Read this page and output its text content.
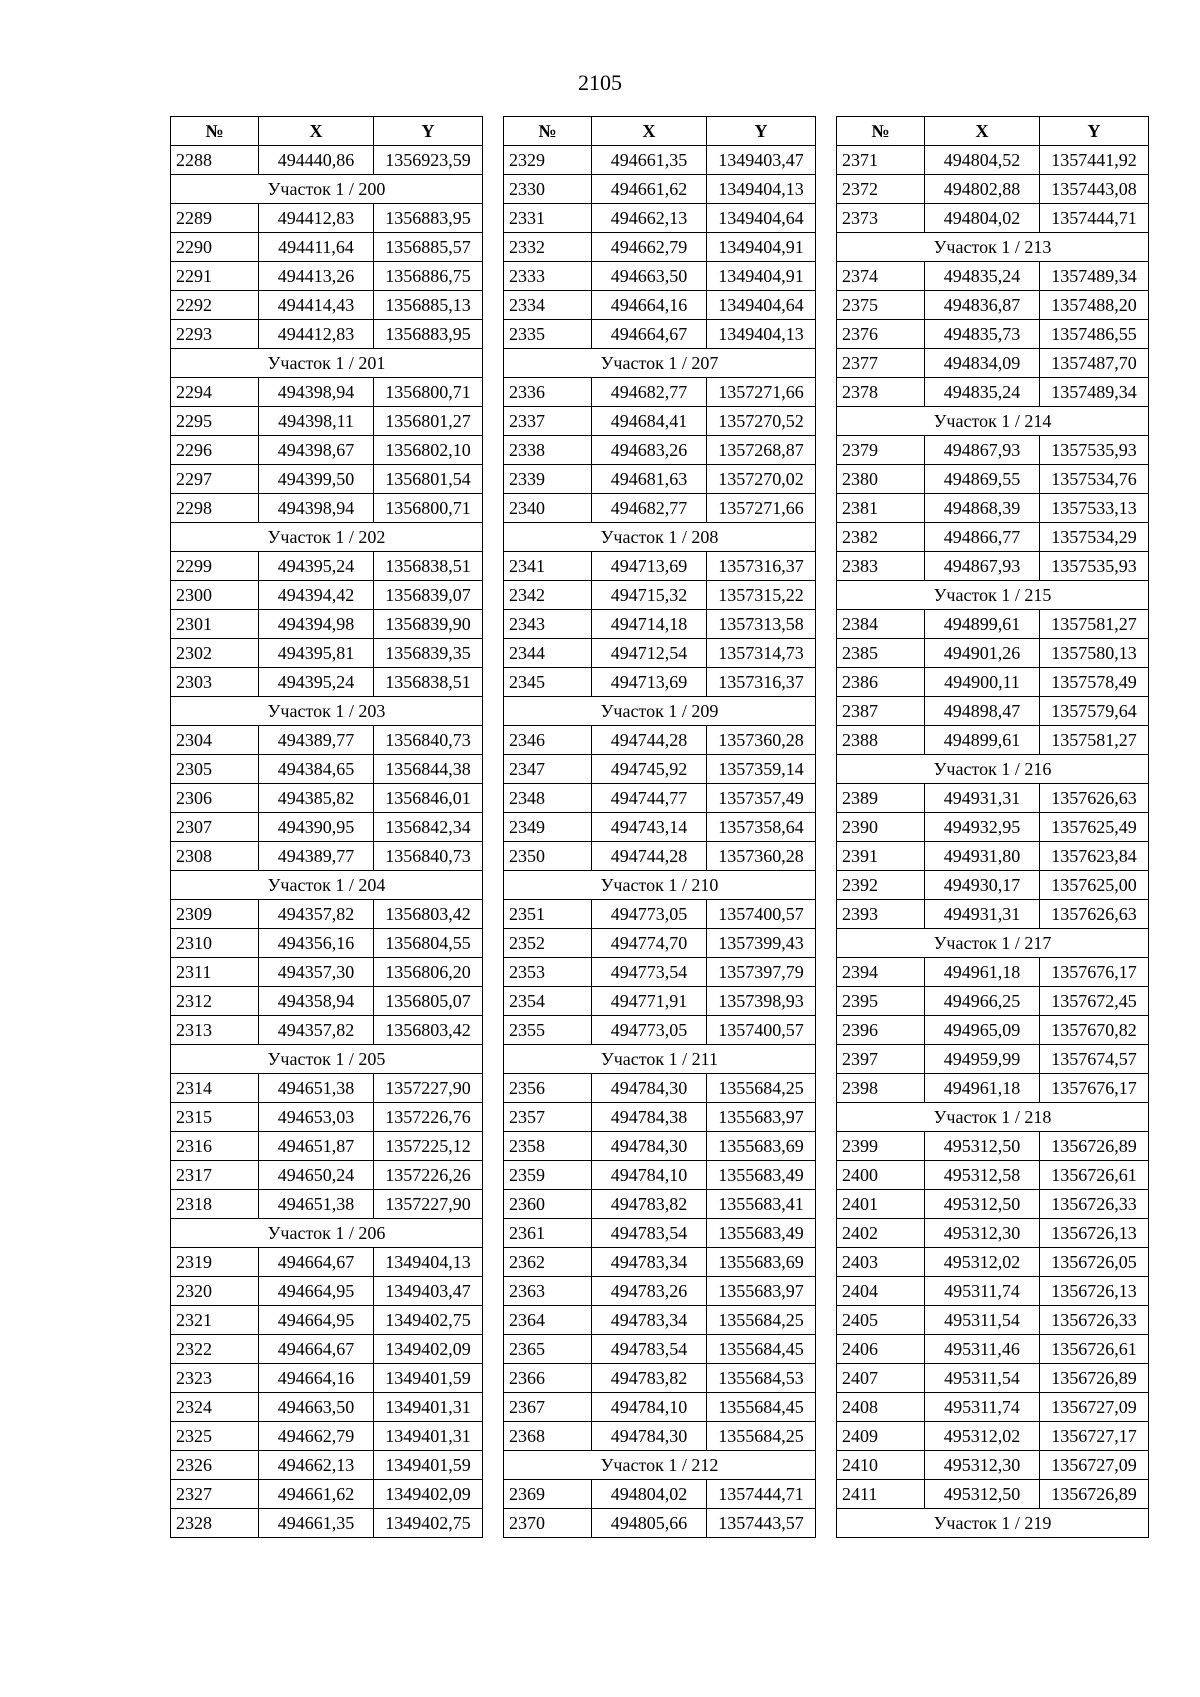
2105
№	X	Y
2288	494440,86	1356923,59
Участок 1 / 200		
2289	494412,83	1356883,95
2290	494411,64	1356885,57
2291	494413,26	1356886,75
2292	494414,43	1356885,13
2293	494412,83	1356883,95
Участок 1 / 201		
2294	494398,94	1356800,71
2295	494398,11	1356801,27
2296	494398,67	1356802,10
2297	494399,50	1356801,54
2298	494398,94	1356800,71
Участок 1 / 202		
2299	494395,24	1356838,51
2300	494394,42	1356839,07
2301	494394,98	1356839,90
2302	494395,81	1356839,35
2303	494395,24	1356838,51
Участок 1 / 203		
2304	494389,77	1356840,73
2305	494384,65	1356844,38
2306	494385,82	1356846,01
2307	494390,95	1356842,34
2308	494389,77	1356840,73
Участок 1 / 204		
2309	494357,82	1356803,42
2310	494356,16	1356804,55
2311	494357,30	1356806,20
2312	494358,94	1356805,07
2313	494357,82	1356803,42
Участок 1 / 205		
2314	494651,38	1357227,90
2315	494653,03	1357226,76
2316	494651,87	1357225,12
2317	494650,24	1357226,26
2318	494651,38	1357227,90
Участок 1 / 206		
2319	494664,67	1349404,13
2320	494664,95	1349403,47
2321	494664,95	1349402,75
2322	494664,67	1349402,09
2323	494664,16	1349401,59
2324	494663,50	1349401,31
2325	494662,79	1349401,31
2326	494662,13	1349401,59
2327	494661,62	1349402,09
2328	494661,35	1349402,75
№	X	Y
2329	494661,35	1349403,47
2330	494661,62	1349404,13
2331	494662,13	1349404,64
2332	494662,79	1349404,91
2333	494663,50	1349404,91
2334	494664,16	1349404,64
2335	494664,67	1349404,13
Участок 1 / 207		
2336	494682,77	1357271,66
2337	494684,41	1357270,52
2338	494683,26	1357268,87
2339	494681,63	1357270,02
2340	494682,77	1357271,66
Участок 1 / 208		
2341	494713,69	1357316,37
2342	494715,32	1357315,22
2343	494714,18	1357313,58
2344	494712,54	1357314,73
2345	494713,69	1357316,37
Участок 1 / 209		
2346	494744,28	1357360,28
2347	494745,92	1357359,14
2348	494744,77	1357357,49
2349	494743,14	1357358,64
2350	494744,28	1357360,28
Участок 1 / 210		
2351	494773,05	1357400,57
2352	494774,70	1357399,43
2353	494773,54	1357397,79
2354	494771,91	1357398,93
2355	494773,05	1357400,57
Участок 1 / 211		
2356	494784,30	1355684,25
2357	494784,38	1355683,97
2358	494784,30	1355683,69
2359	494784,10	1355683,49
2360	494783,82	1355683,41
2361	494783,54	1355683,49
2362	494783,34	1355683,69
2363	494783,26	1355683,97
2364	494783,34	1355684,25
2365	494783,54	1355684,45
2366	494783,82	1355684,53
2367	494784,10	1355684,45
2368	494784,30	1355684,25
Участок 1 / 212		
2369	494804,02	1357444,71
2370	494805,66	1357443,57
№	X	Y
2371	494804,52	1357441,92
2372	494802,88	1357443,08
2373	494804,02	1357444,71
Участок 1 / 213		
2374	494835,24	1357489,34
2375	494836,87	1357488,20
2376	494835,73	1357486,55
2377	494834,09	1357487,70
2378	494835,24	1357489,34
Участок 1 / 214		
2379	494867,93	1357535,93
2380	494869,55	1357534,76
2381	494868,39	1357533,13
2382	494866,77	1357534,29
2383	494867,93	1357535,93
Участок 1 / 215		
2384	494899,61	1357581,27
2385	494901,26	1357580,13
2386	494900,11	1357578,49
2387	494898,47	1357579,64
2388	494899,61	1357581,27
Участок 1 / 216		
2389	494931,31	1357626,63
2390	494932,95	1357625,49
2391	494931,80	1357623,84
2392	494930,17	1357625,00
2393	494931,31	1357626,63
Участок 1 / 217		
2394	494961,18	1357676,17
2395	494966,25	1357672,45
2396	494965,09	1357670,82
2397	494959,99	1357674,57
2398	494961,18	1357676,17
Участок 1 / 218		
2399	495312,50	1356726,89
2400	495312,58	1356726,61
2401	495312,50	1356726,33
2402	495312,30	1356726,13
2403	495312,02	1356726,05
2404	495311,74	1356726,13
2405	495311,54	1356726,33
2406	495311,46	1356726,61
2407	495311,54	1356726,89
2408	495311,74	1356727,09
2409	495312,02	1356727,17
2410	495312,30	1356727,09
2411	495312,50	1356726,89
Участок 1 / 219		
